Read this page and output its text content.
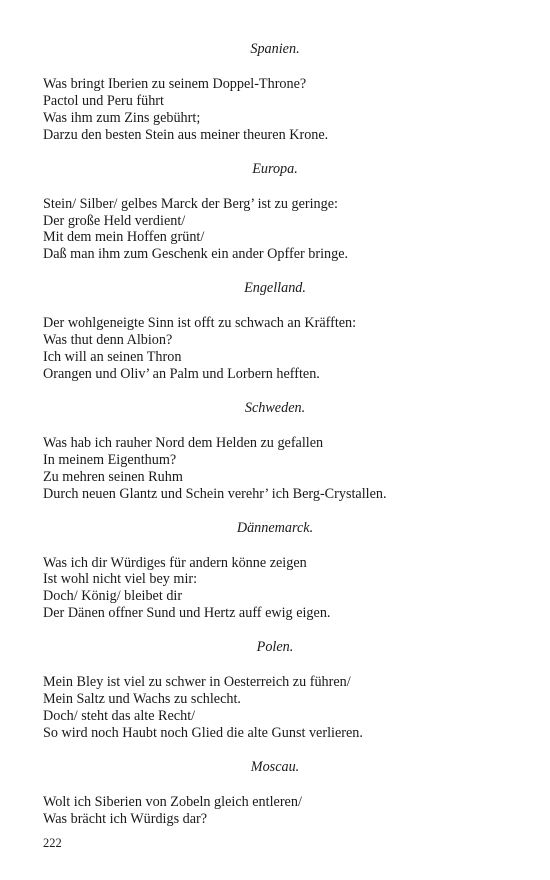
Spanien.

Was bringt Iberien zu seinem Doppel-Throne?
Pactol und Peru führt
Was ihm zum Zins gebührt;
Darzu den besten Stein aus meiner theuren Krone.

Europa.

Stein/ Silber/ gelbes Marck der Berg’ ist zu geringe:
Der große Held verdient/
Mit dem mein Hoffen grünt/
Daß man ihm zum Geschenk ein ander Opffer bringe.

Engelland.

Der wohlgeneigte Sinn ist offt zu schwach an Kräfften:
Was thut denn Albion?
Ich will an seinen Thron
Orangen und Oliv’ an Palm und Lorbern hefften.

Schweden.

Was hab ich rauher Nord dem Helden zu gefallen
In meinem Eigenthum?
Zu mehren seinen Ruhm
Durch neuen Glantz und Schein verehr’ ich Berg-Crystallen.

Dännemarck.

Was ich dir Würdiges für andern könne zeigen
Ist wohl nicht viel bey mir:
Doch/ König/ bleibet dir
Der Dänen offner Sund und Hertz auff ewig eigen.

Polen.

Mein Bley ist viel zu schwer in Oesterreich zu führen/
Mein Saltz und Wachs zu schlecht.
Doch/ steht das alte Recht/
So wird noch Haubt noch Glied die alte Gunst verlieren.

Moscau.

Wolt ich Siberien von Zobeln gleich entleren/
Was brächt ich Würdigs dar?
222
